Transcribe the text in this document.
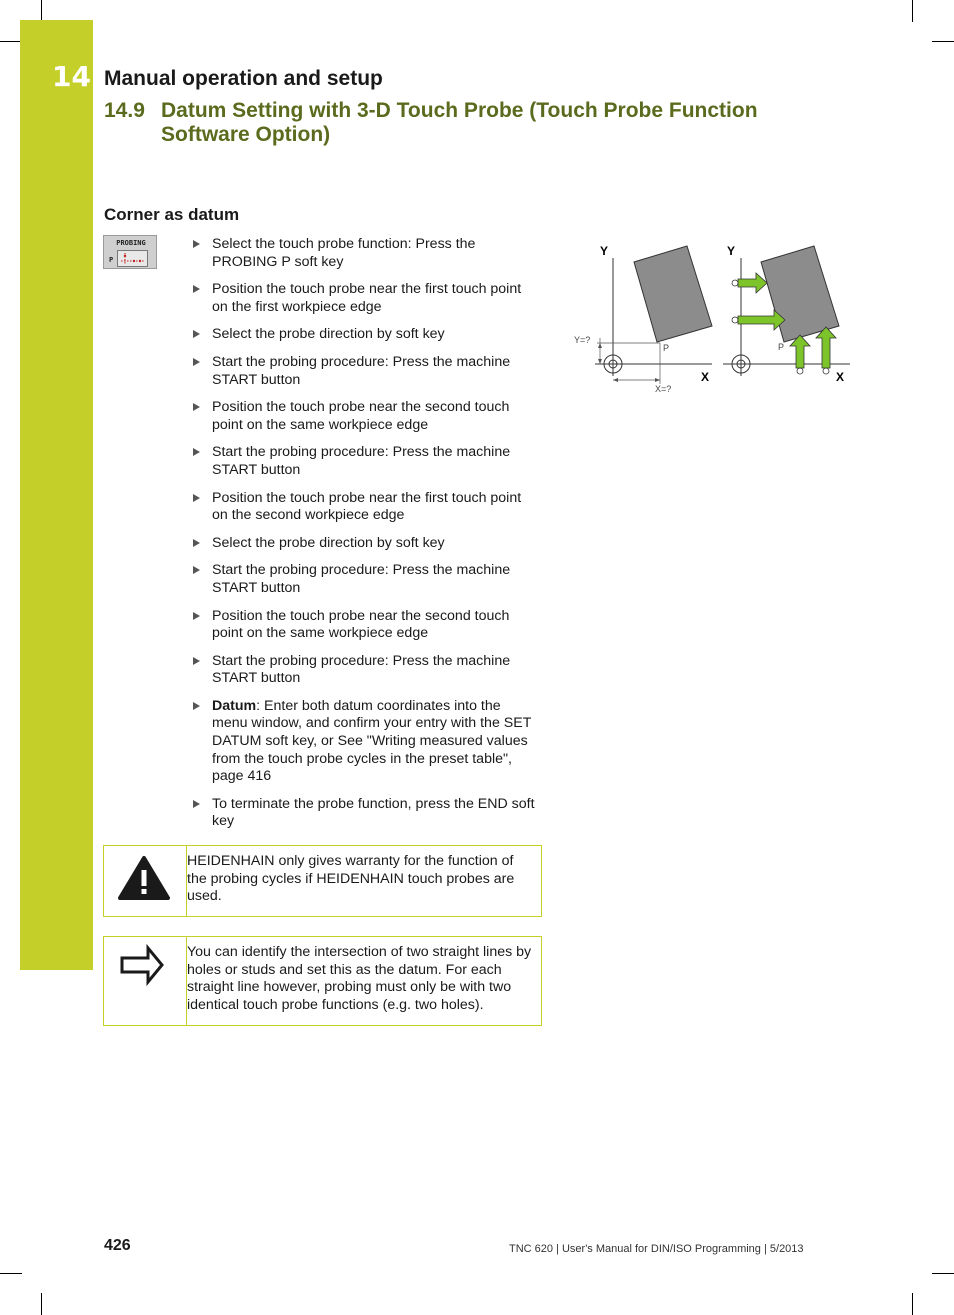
14 Manual operation and setup
14.9 Datum Setting with 3-D Touch Probe (Touch Probe Function Software Option)
Corner as datum
PROBING
P
Select the touch probe function: Press the PROBING P soft key
Position the touch probe near the first touch point on the first workpiece edge
Select the probe direction by soft key
Start the probing procedure: Press the machine START button
Position the touch probe near the second touch point on the same workpiece edge
Start the probing procedure: Press the machine START button
Position the touch probe near the first touch point on the second workpiece edge
Select the probe direction by soft key
Start the probing procedure: Press the machine START button
Position the touch probe near the second touch point on the same workpiece edge
Start the probing procedure: Press the machine START button
Datum: Enter both datum coordinates into the menu window, and confirm your entry with the SET DATUM soft key, or See "Writing measured values from the touch probe cycles in the preset table", page 416
To terminate the probe function, press the END soft key
Y
X
Y=?
X=?
P
Y
X
P
HEIDENHAIN only gives warranty for the function of the probing cycles if HEIDENHAIN touch probes are used.
You can identify the intersection of two straight lines by holes or studs and set this as the datum. For each straight line however, probing must only be with two identical touch probe functions (e.g. two holes).
426	TNC 620 | User's Manual for DIN/ISO Programming | 5/2013
